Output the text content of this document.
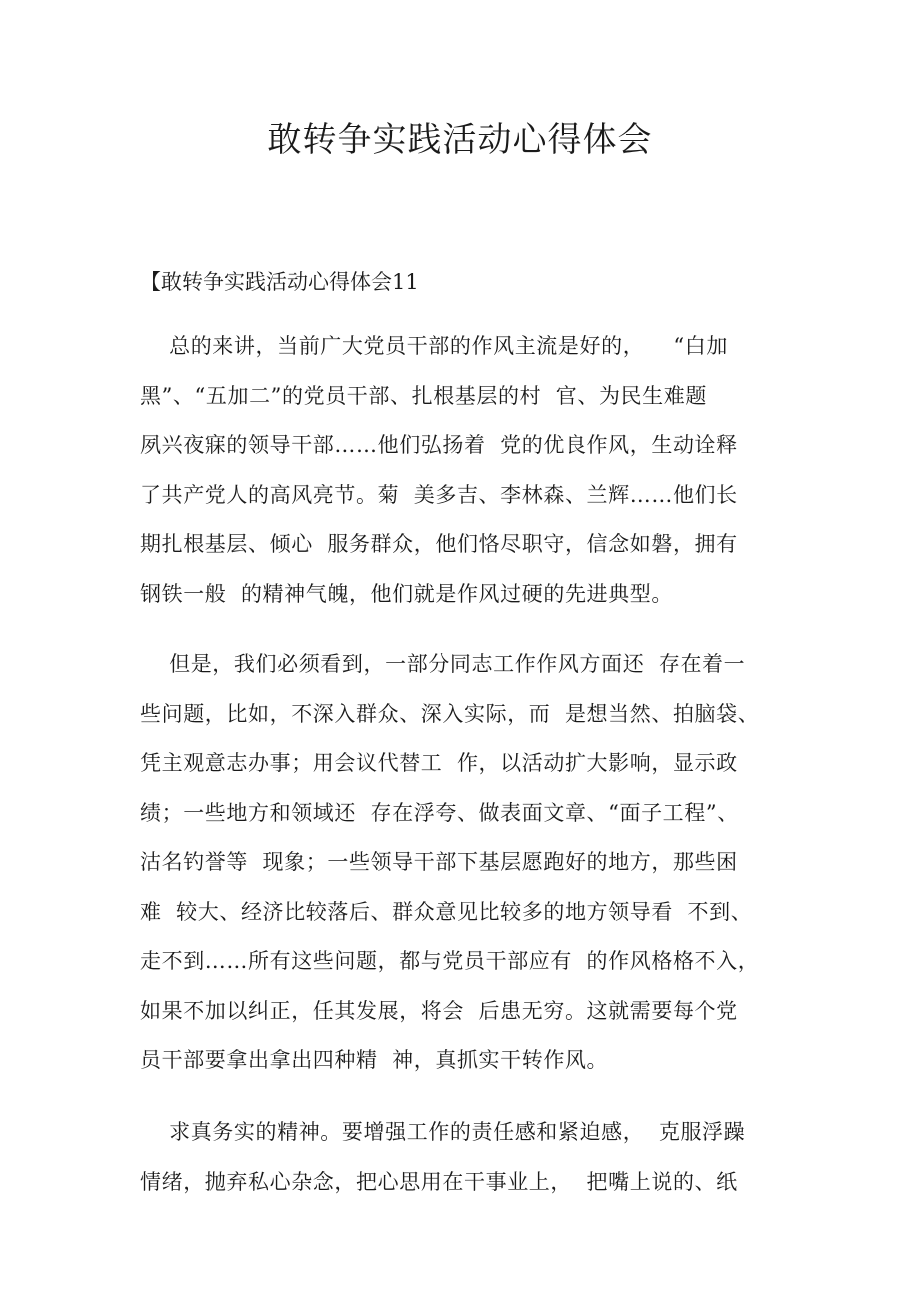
敢转争实践活动心得体会

【敢转争实践活动心得体会11

总的来讲，当前广大党员干部的作风主流是好的，    “白加
黑”、“五加二”的党员干部、扎根基层的村  官、为民生难题
夙兴夜寐的领导干部……他们弘扬着  党的优良作风，生动诠释
了共产党人的高风亮节。菊  美多吉、李林森、兰辉……他们长
期扎根基层、倾心  服务群众，他们恪尽职守，信念如磐，拥有
钢铁一般  的精神气魄，他们就是作风过硬的先进典型。
但是，我们必须看到，一部分同志工作作风方面还  存在着一
些问题，比如，不深入群众、深入实际，而  是想当然、拍脑袋、
凭主观意志办事；用会议代替工  作，以活动扩大影响，显示政
绩；一些地方和领域还  存在浮夸、做表面文章、“面子工程”、
沽名钓誉等  现象；一些领导干部下基层愿跑好的地方，那些困
难  较大、经济比较落后、群众意见比较多的地方领导看  不到、
走不到……所有这些问题，都与党员干部应有  的作风格格不入，
如果不加以纠正，任其发展，将会  后患无穷。这就需要每个党
员干部要拿出拿出四种精  神，真抓实干转作风。
求真务实的精神。要增强工作的责任感和紧迫感，  克服浮躁
情绪，抛弃私心杂念，把心思用在干事业上，  把嘴上说的、纸
